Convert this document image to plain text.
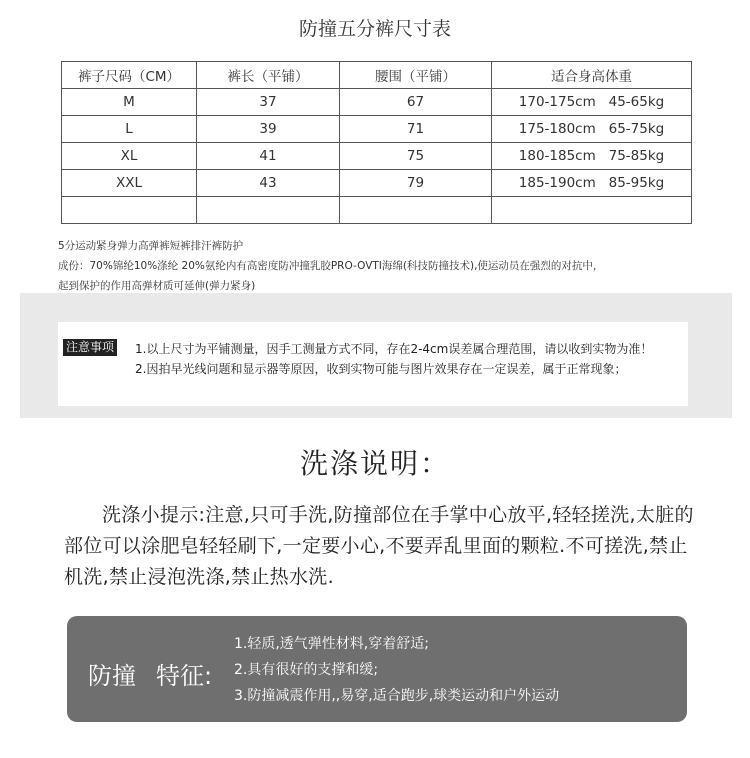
防撞五分裤尺寸表
裤子尺码（CM）	裤长（平铺）	腰围（平铺）	适合身高体重
M	37	67	170-175cm   45-65kg
L	39	71	175-180cm   65-75kg
XL	41	75	180-185cm   75-85kg
XXL	43	79	185-190cm   85-95kg

5分运动紧身弹力高弹裤短裤排汗裤防护
成份：70%锦纶10%涤纶 20%氨纶内有高密度防冲撞乳胶PRO-OVTI海绵(科技防撞技术),使运动员在强烈的对抗中，
起到保护的作用高弹材质可延伸(弹力紧身)
注意事项 1.以上尺寸为平铺测量，因手工测量方式不同，存在2-4cm误差属合理范围，请以收到实物为准！
2.因拍早光线问题和显示器等原因，收到实物可能与图片效果存在一定误差，属于正常现象；
洗涤说明：
洗涤小提示:注意,只可手洗,防撞部位在手掌中心放平,轻轻搓洗,太脏的部位可以涂肥皂轻轻刷下,一定要小心,不要弄乱里面的颗粒.不可搓洗,禁止机洗,禁止浸泡洗涤,禁止热水洗.
防撞 特征:
1.轻质,透气弹性材料,穿着舒适;
2.具有很好的支撑和缓;
3.防撞减震作用,,易穿,适合跑步,球类运动和户外运动
